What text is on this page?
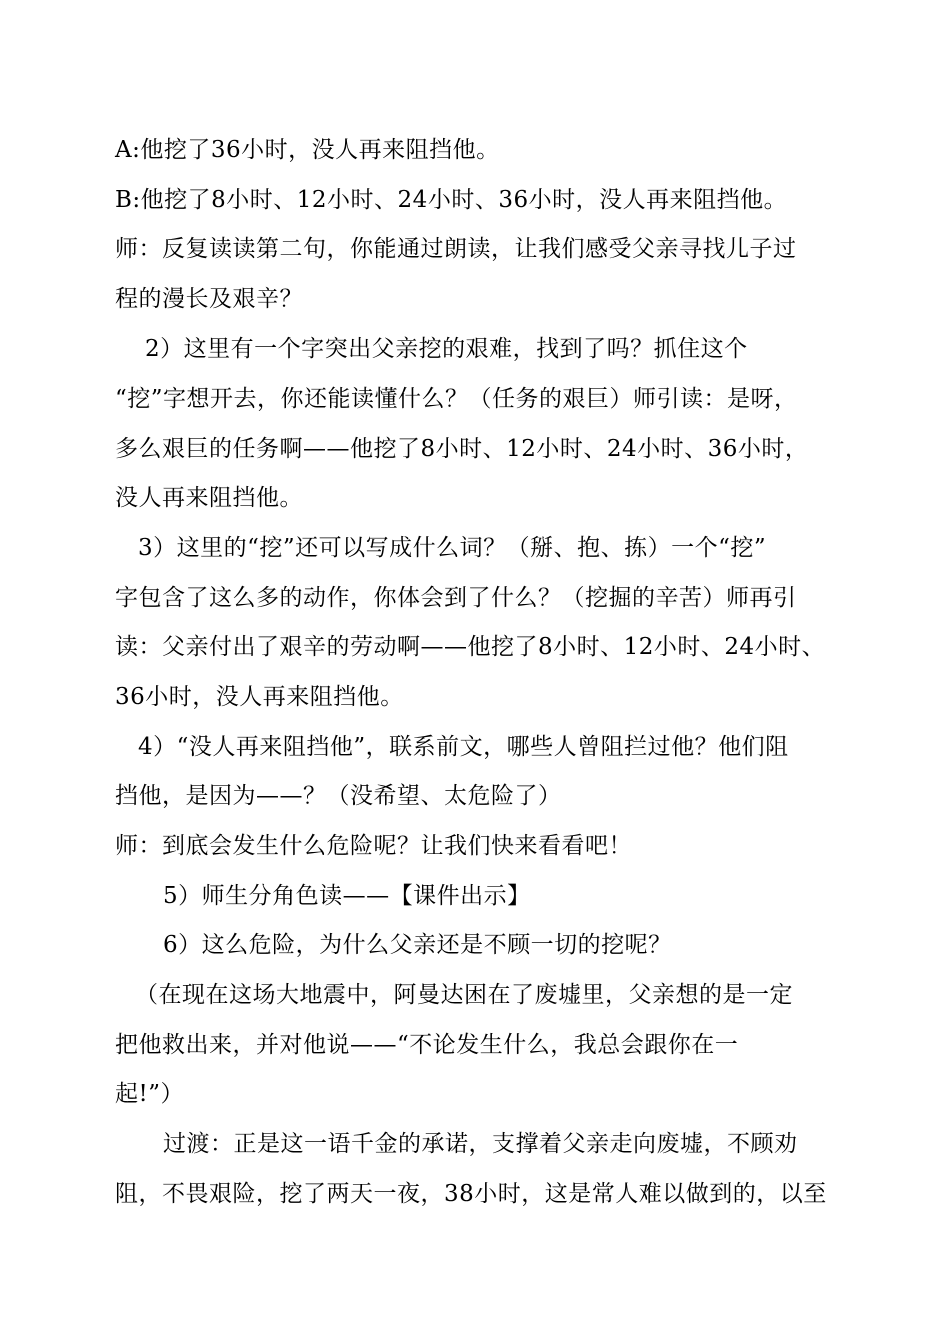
A:他挖了36小时，没人再来阻挡他。
B:他挖了8小时、12小时、24小时、36小时，没人再来阻挡他。
师：反复读读第二句，你能通过朗读，让我们感受父亲寻找儿子过
程的漫长及艰辛？
2）这里有一个字突出父亲挖的艰难，找到了吗？抓住这个
“挖”字想开去，你还能读懂什么？（任务的艰巨）师引读：是呀，
多么艰巨的任务啊——他挖了8小时、12小时、24小时、36小时，
没人再来阻挡他。
3）这里的“挖”还可以写成什么词？（掰、抱、拣）一个“挖”
字包含了这么多的动作，你体会到了什么？（挖掘的辛苦）师再引
读：父亲付出了艰辛的劳动啊——他挖了8小时、12小时、24小时、
36小时，没人再来阻挡他。
4）“没人再来阻挡他”，联系前文，哪些人曾阻拦过他？他们阻
挡他，是因为——？（没希望、太危险了）
师：到底会发生什么危险呢？让我们快来看看吧！
5）师生分角色读——【课件出示】
6）这么危险，为什么父亲还是不顾一切的挖呢？
（在现在这场大地震中，阿曼达困在了废墟里，父亲想的是一定
把他救出来，并对他说——“不论发生什么，我总会跟你在一
起!”）
过渡：正是这一语千金的承诺，支撑着父亲走向废墟，不顾劝
阻，不畏艰险，挖了两天一夜，38小时，这是常人难以做到的，以至
